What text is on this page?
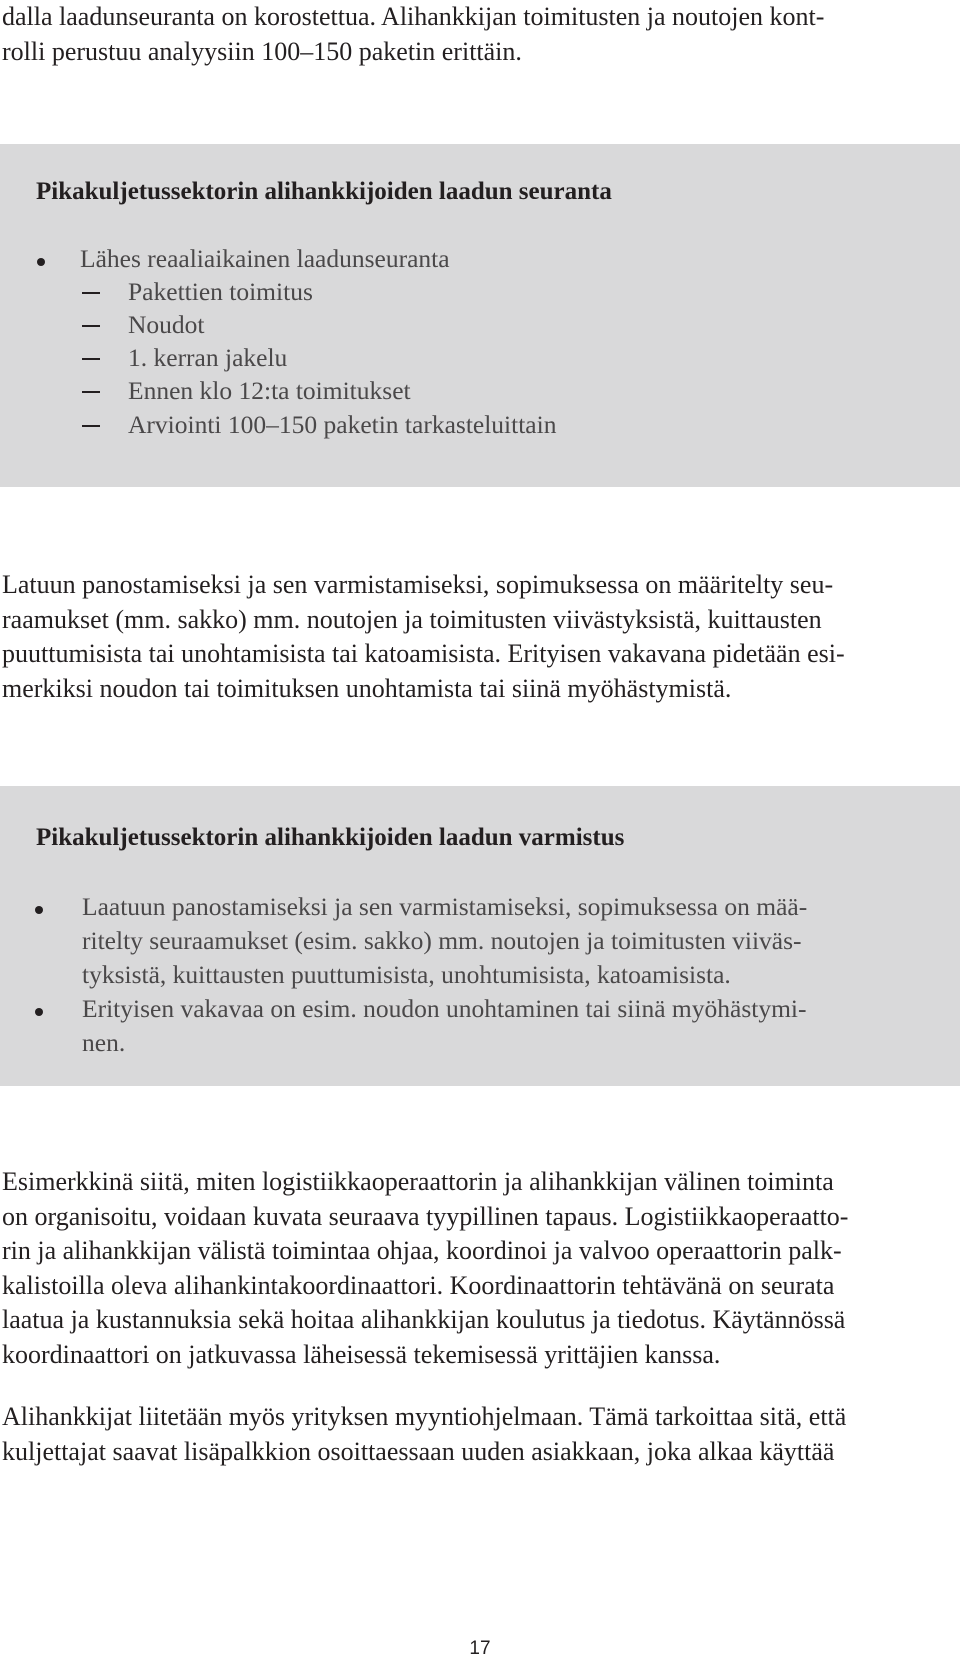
dalla laadunseuranta on korostettua. Alihankkijan toimitusten ja noutojen kont-
rolli perustuu analyysiin 100–150 paketin erittäin.
Pikakuljetussektorin alihankkijoiden laadun seuranta
Lähes reaaliaikainen laadunseuranta
Pakettien toimitus
Noudot
1. kerran jakelu
Ennen klo 12:ta toimitukset
Arviointi 100–150 paketin tarkasteluittain
Latuun panostamiseksi ja sen varmistamiseksi, sopimuksessa on määritelty seu-
raamukset (mm. sakko) mm. noutojen ja toimitusten viivästyksistä, kuittausten
puuttumisista tai unohtamisista tai katoamisista. Erityisen vakavana pidetään esi-
merkiksi noudon tai toimituksen unohtamista tai siinä myöhästymistä.
Pikakuljetussektorin alihankkijoiden laadun varmistus
Laatuun panostamiseksi ja sen varmistamiseksi, sopimuksessa on mää-
ritelty seuraamukset (esim. sakko) mm. noutojen ja toimitusten viiväs-
tyksistä, kuittausten puuttumisista, unohtumisista, katoamisista.
Erityisen vakavaa on esim. noudon unohtaminen tai siinä myöhästymi-
nen.
Esimerkkinä siitä, miten logistiikkaoperaattorin ja alihankkijan välinen toiminta
on organisoitu, voidaan kuvata seuraava tyypillinen tapaus. Logistiikkaoperaatto-
rin ja alihankkijan välistä toimintaa ohjaa, koordinoi ja valvoo operaattorin palk-
kalistoilla oleva alihankintakoordinaattori. Koordinaattorin tehtävänä on seurata
laatua ja kustannuksia sekä hoitaa alihankkijan koulutus ja tiedotus. Käytännössä
koordinaattori on jatkuvassa läheisessä tekemisessä yrittäjien kanssa.
Alihankkijat liitetään myös yrityksen myyntiohjelmaan. Tämä tarkoittaa sitä, että
kuljettajat saavat lisäpalkkion osoittaessaan uuden asiakkaan, joka alkaa käyttää
17
